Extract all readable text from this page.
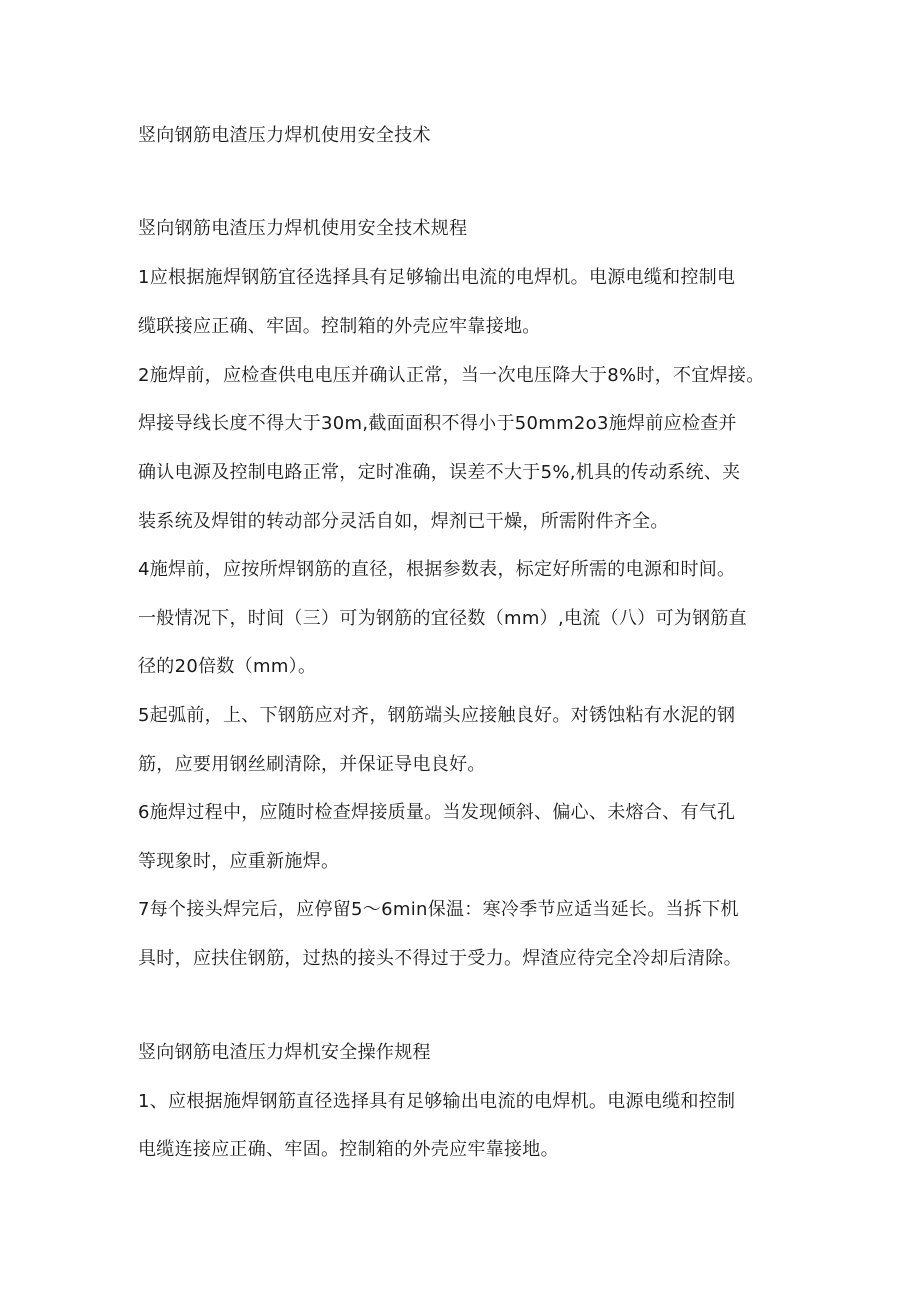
竖向钢筋电渣压力焊机使用安全技术
竖向钢筋电渣压力焊机使用安全技术规程
1应根据施焊钢筋宜径选择具有足够输出电流的电焊机。电源电缆和控制电
缆联接应正确、牢固。控制箱的外壳应牢靠接地。
2施焊前，应检查供电电压并确认正常，当一次电压降大于8%时，不宜焊接。
焊接导线长度不得大于30m,截面面积不得小于50mm2o3施焊前应检查并
确认电源及控制电路正常，定时准确，误差不大于5%,机具的传动系统、夹
装系统及焊钳的转动部分灵活自如，焊剂已干燥，所需附件齐全。
4施焊前，应按所焊钢筋的直径，根据参数表，标定好所需的电源和时间。
一般情况下，时间（三）可为钢筋的宜径数（mm）,电流（八）可为钢筋直
径的20倍数（mm）。
5起弧前，上、下钢筋应对齐，钢筋端头应接触良好。对锈蚀粘有水泥的钢
筋，应要用钢丝刷清除，并保证导电良好。
6施焊过程中，应随时检查焊接质量。当发现倾斜、偏心、未熔合、有气孔
等现象时，应重新施焊。
7每个接头焊完后，应停留5〜6min保温：寒冷季节应适当延长。当拆下机
具时，应扶住钢筋，过热的接头不得过于受力。焊渣应待完全冷却后清除。
竖向钢筋电渣压力焊机安全操作规程
1、应根据施焊钢筋直径选择具有足够输出电流的电焊机。电源电缆和控制
电缆连接应正确、牢固。控制箱的外壳应牢靠接地。
